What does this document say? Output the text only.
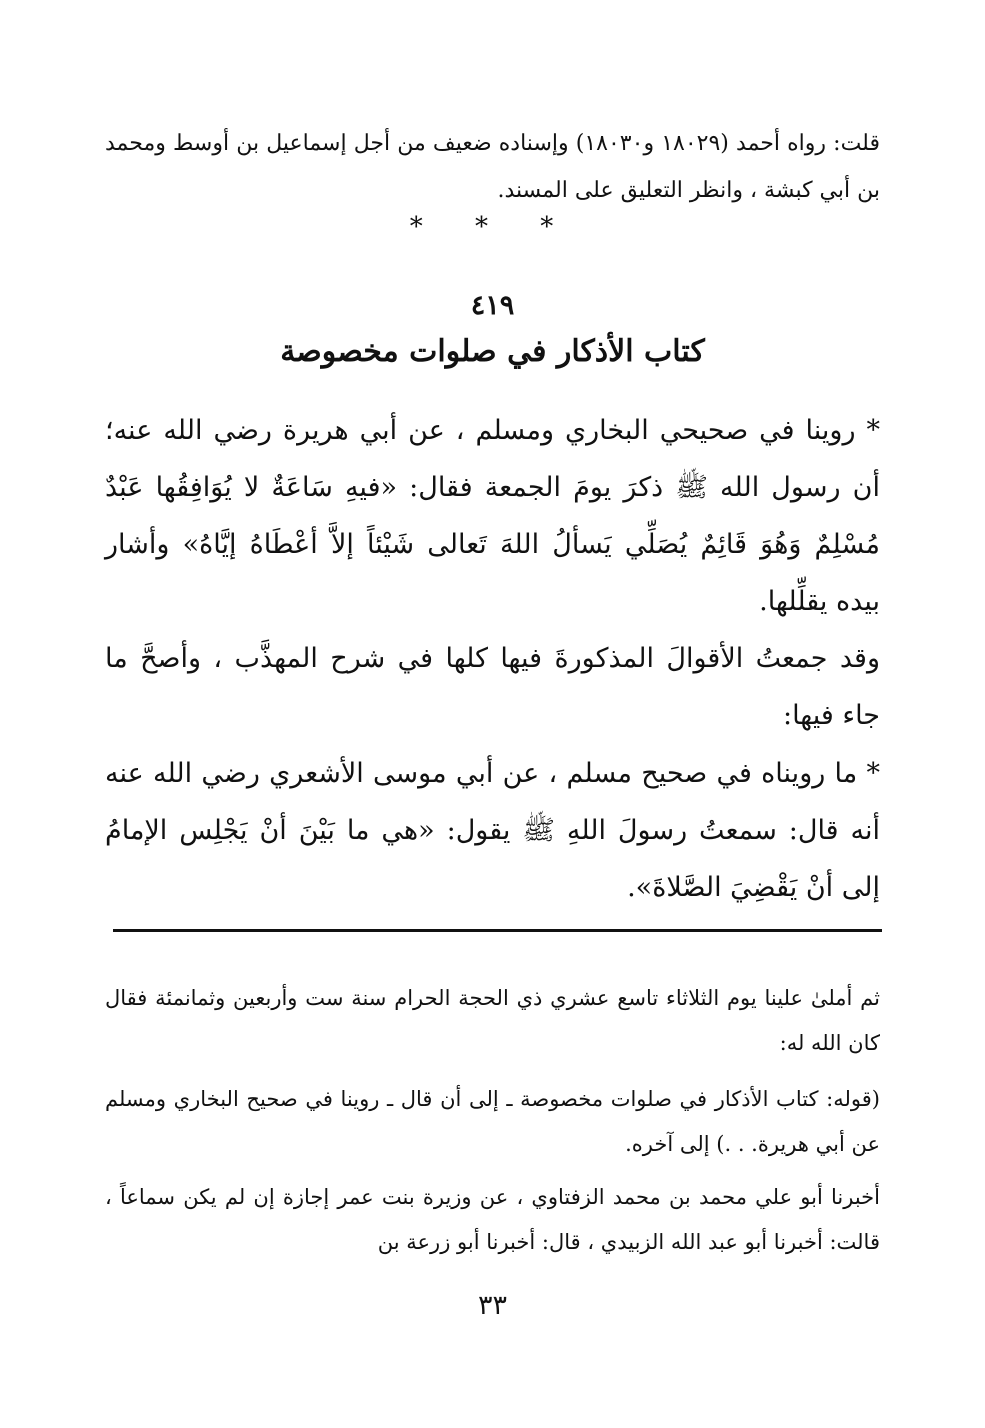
قلت: رواه أحمد (١٨٠٢٩ و١٨٠٣٠) وإسناده ضعيف من أجل إسماعيل بن أوسط ومحمد بن أبي كبشة ، وانظر التعليق على المسند.
* * *
٤١٩
كتاب الأذكار في صلوات مخصوصة
* روينا في صحيحي البخاري ومسلم ، عن أبي هريرة رضي الله عنه؛ أن رسول الله ﷺ ذكرَ يومَ الجمعة فقال: «فيهِ سَاعَةٌ لا يُوَافِقُها عَبْدٌ مُسْلِمٌ وَهُوَ قَائِمٌ يُصَلِّي يَسألُ اللهَ تَعالى شَيْئاً إلاَّ أعْطَاهُ إيَّاهُ» وأشار بيده يقلِّلها.
وقد جمعتُ الأقوالَ المذكورةَ فيها كلها في شرح المهذَّب ، وأصحَّ ما جاء فيها:
* ما رويناه في صحيح مسلم ، عن أبي موسى الأشعري رضي الله عنه أنه قال: سمعتُ رسولَ اللهِ ﷺ يقول: «هي ما بَيْنَ أنْ يَجْلِس الإمامُ إلى أنْ يَقْضِيَ الصَّلاةَ».
ثم أملىٰ علينا يوم الثلاثاء تاسع عشري ذي الحجة الحرام سنة ست وأربعين وثمانمئة فقال كان الله له:
(قوله: كتاب الأذكار في صلوات مخصوصة ـ إلى أن قال ـ روينا في صحيح البخاري ومسلم عن أبي هريرة. . .) إلى آخره.
أخبرنا أبو علي محمد بن محمد الزفتاوي ، عن وزيرة بنت عمر إجازة إن لم يكن سماعاً ، قالت: أخبرنا أبو عبد الله الزبيدي ، قال: أخبرنا أبو زرعة بن
٣٣
